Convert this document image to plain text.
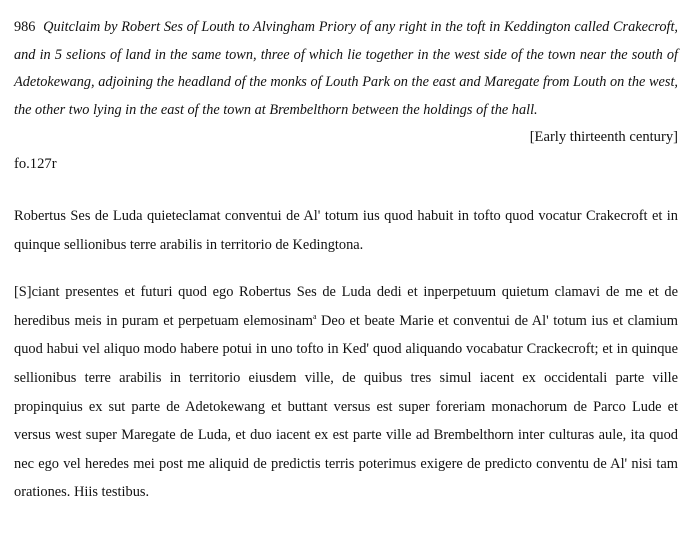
986 Quitclaim by Robert Ses of Louth to Alvingham Priory of any right in the toft in Keddington called Crakecroft, and in 5 selions of land in the same town, three of which lie together in the west side of the town near the south of Adetokewang, adjoining the headland of the monks of Louth Park on the east and Maregate from Louth on the west, the other two lying in the east of the town at Brembelthorn between the holdings of the hall.

[Early thirteenth century]

fo.127r

Robertus Ses de Luda quieteclamat conventui de Al' totum ius quod habuit in tofto quod vocatur Crakecroft et in quinque sellionibus terre arabilis in territorio de Kedingtona.

[S]ciant presentes et futuri quod ego Robertus Ses de Luda dedi et inperpetuum quietum clamavi de me et de heredibus meis in puram et perpetuam elemosinam$^a$ Deo et beate Marie et conventui de Al' totum ius et clamium quod habui vel aliquo modo habere potui in uno tofto in Ked' quod aliquando vocabatur Crackecroft; et in quinque sellionibus terre arabilis in territorio eiusdem ville, de quibus tres simul iacent ex occidentali parte ville propinquius ex sut parte de Adetokewang et buttant versus est super foreriam monachorum de Parco Lude et versus west super Maregate de Luda, et duo iacent ex est parte ville ad Brembelthorn inter culturas aule, ita quod nec ego vel heredes mei post me aliquid de predictis terris poterimus exigere de predicto conventu de Al' nisi tam orationes. Hiis testibus.
